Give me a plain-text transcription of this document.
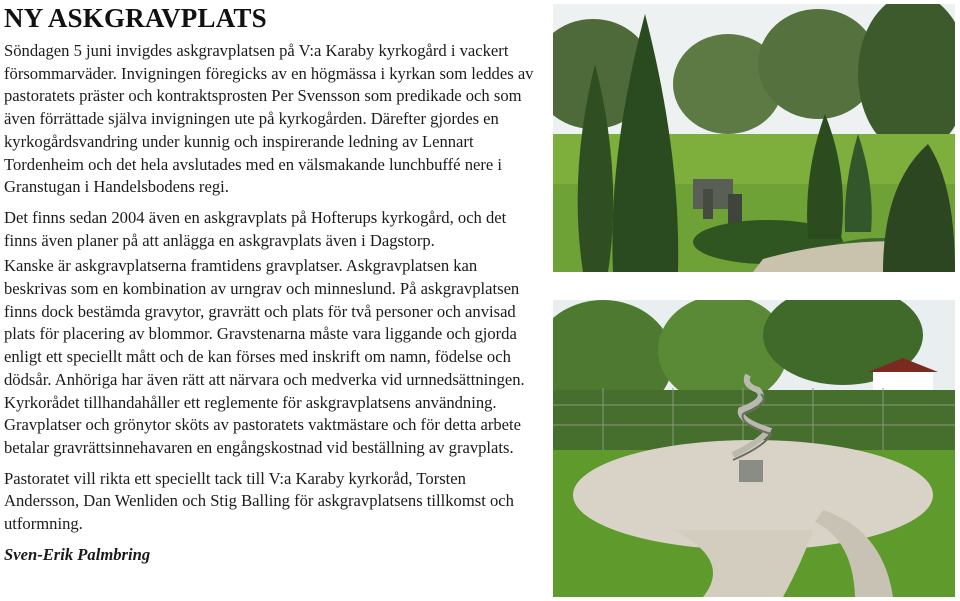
NY ASKGRAVPLATS

Söndagen 5 juni invigdes askgravplatsen på V:a Karaby kyrkogård i vackert försommarväder. Invigningen föregicks av en högmässa i kyrkan som leddes av pastoratets präster och kontraktsprosten Per Svensson som predikade och som även förrättade själva invigningen ute på kyrkogården. Därefter gjordes en kyrkogårdsvandring under kunnig och inspirerande ledning av Lennart Tordenheim och det hela avslutades med en välsmakande lunchbuffé nere i Granstugan i Handelsbodens regi.

Det finns sedan 2004 även en askgravplats på Hofterups kyrkogård, och det finns även planer på att anlägga en askgravplats även i Dagstorp.

Kanske är askgravplatserna framtidens gravplatser. Askgravplatsen kan beskrivas som en kombination av urngrav och minneslund. På askgravplatsen finns dock bestämda gravytor, gravrätt och plats för två personer och anvisad plats för placering av blommor. Gravstenarna måste vara liggande och gjorda enligt ett speciellt mått och de kan förses med inskrift om namn, födelse och dödsår. Anhöriga har även rätt att närvara och medverka vid urnnedsättningen. Kyrkorådet tillhandahåller ett reglemente för askgravplatsens användning. Gravplatser och grönytor sköts av pastoratets vaktmästare och för detta arbete betalar gravrättsinnehavaren en engångskostnad vid beställning av gravplats.

Pastoratet vill rikta ett speciellt tack till V:a Karaby kyrkoråd, Torsten Andersson, Dan Wenliden och Stig Balling för askgravplatsens tillkomst och utformning.

Sven-Erik Palmbring
